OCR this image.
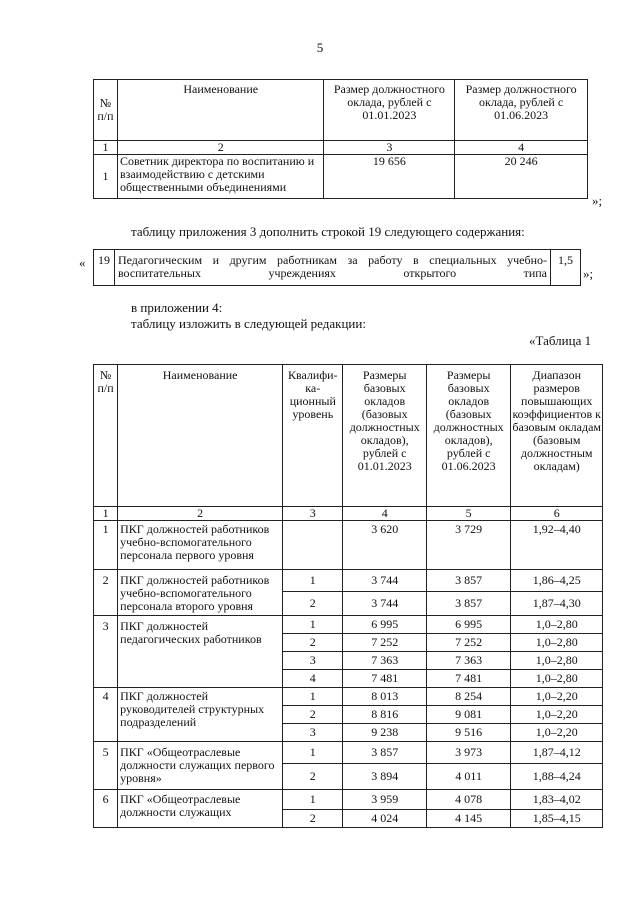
5
№ п/п	Наименование	Размер должностного оклада, рублей с 01.01.2023	Размер должностного оклада, рублей с 01.06.2023
1	2	3	4
1	Советник директора по воспитанию и взаимодействию с детскими общественными объединениями	19 656	20 246
»;
таблицу приложения 3 дополнить строкой 19 следующего содержания:
« 19	Педагогическим и другим работникам за работу в специальных учебно-воспитательных учреждениях открытого типа	1,5
»;
в приложении 4:
таблицу изложить в следующей редакции:
«Таблица 1
№ п/п	Наименование	Квалифи-ка-ционный уровень	Размеры базовых окладов (базовых должностных окладов), рублей с 01.01.2023	Размеры базовых окладов (базовых должностных окладов), рублей с 01.06.2023	Диапазон размеров повышающих коэффициентов к базовым окладам (базовым должностным окладам)
1	2	3	4	5	6
1	ПКГ должностей работников учебно-вспомогательного персонала первого уровня		3 620	3 729	1,92–4,40
2	ПКГ должностей работников учебно-вспомогательного персонала второго уровня	1	3 744	3 857	1,86–4,25
		2	3 744	3 857	1,87–4,30
3	ПКГ должностей педагогических работников	1	6 995	6 995	1,0–2,80
		2	7 252	7 252	1,0–2,80
		3	7 363	7 363	1,0–2,80
		4	7 481	7 481	1,0–2,80
4	ПКГ должностей руководителей структурных подразделений	1	8 013	8 254	1,0–2,20
		2	8 816	9 081	1,0–2,20
		3	9 238	9 516	1,0–2,20
5	ПКГ «Общеотраслевые должности служащих первого уровня»	1	3 857	3 973	1,87–4,12
		2	3 894	4 011	1,88–4,24
6	ПКГ «Общеотраслевые должности служащих	1	3 959	4 078	1,83–4,02
		2	4 024	4 145	1,85–4,15
